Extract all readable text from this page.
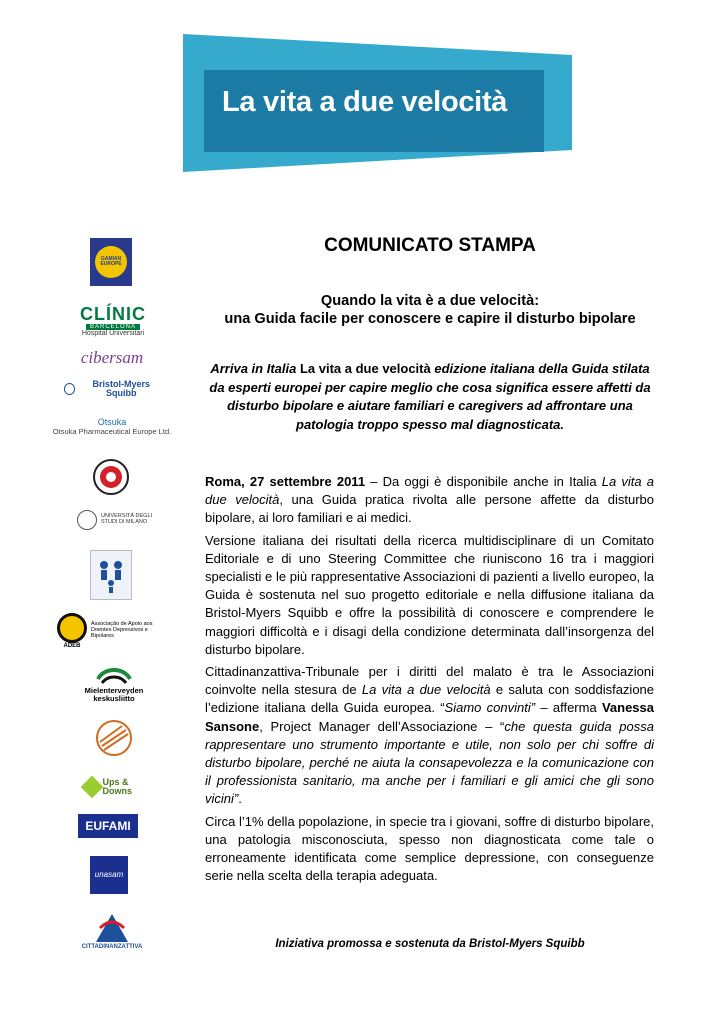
La vita a due velocità
GAMIAN EUROPE
CLÍNIC
BARCELONA
Hospital Universitari
cibersam
Bristol-Myers Squibb
Otsuka
Otsuka Pharmaceutical Europe Ltd.
UNIVERSITÀ DEGLI STUDI DI MILANO
ADEB
Associação de Apoio aos Doentes Depressivos e Bipolares
Mielenterveyden keskusliitto
Ups & Downs
EUFAMI
unasam
CITTADINANZATTIVA
COMUNICATO STAMPA
Quando la vita è a due velocità:
una Guida facile per conoscere e capire il disturbo bipolare
Arriva in Italia La vita a due velocità edizione italiana della Guida stilata da esperti europei per capire meglio che cosa significa essere affetti da disturbo bipolare e aiutare familiari e caregivers ad affrontare una patologia troppo spesso mal diagnosticata.

Roma, 27 settembre 2011 – Da oggi è disponibile anche in Italia La vita a due velocità, una Guida pratica rivolta alle persone affette da disturbo bipolare, ai loro familiari e ai medici.

Versione italiana dei risultati della ricerca multidisciplinare di un Comitato Editoriale e di uno Steering Committee che riuniscono 16 tra i maggiori specialisti e le più rappresentative Associazioni di pazienti a livello europeo, la Guida è sostenuta nel suo progetto editoriale e nella diffusione italiana da Bristol-Myers Squibb e offre la possibilità di conoscere e comprendere le maggiori difficoltà e i disagi della condizione determinata dall’insorgenza del disturbo bipolare.

Cittadinanzattiva-Tribunale per i diritti del malato è tra le Associazioni coinvolte nella stesura de La vita a due velocità e saluta con soddisfazione l’edizione italiana della Guida europea. “Siamo convinti” – afferma Vanessa Sansone, Project Manager dell’Associazione – “che questa guida possa rappresentare uno strumento importante e utile, non solo per chi soffre di disturbo bipolare, perché ne aiuta la consapevolezza e la comunicazione con il professionista sanitario, ma anche per i familiari e gli amici che gli sono vicini”.

Circa l’1% della popolazione, in specie tra i giovani, soffre di disturbo bipolare, una patologia misconosciuta, spesso non diagnosticata come tale o erroneamente identificata come semplice depressione, con conseguenze serie nella scelta della terapia adeguata.

Iniziativa promossa e sostenuta da Bristol-Myers Squibb
